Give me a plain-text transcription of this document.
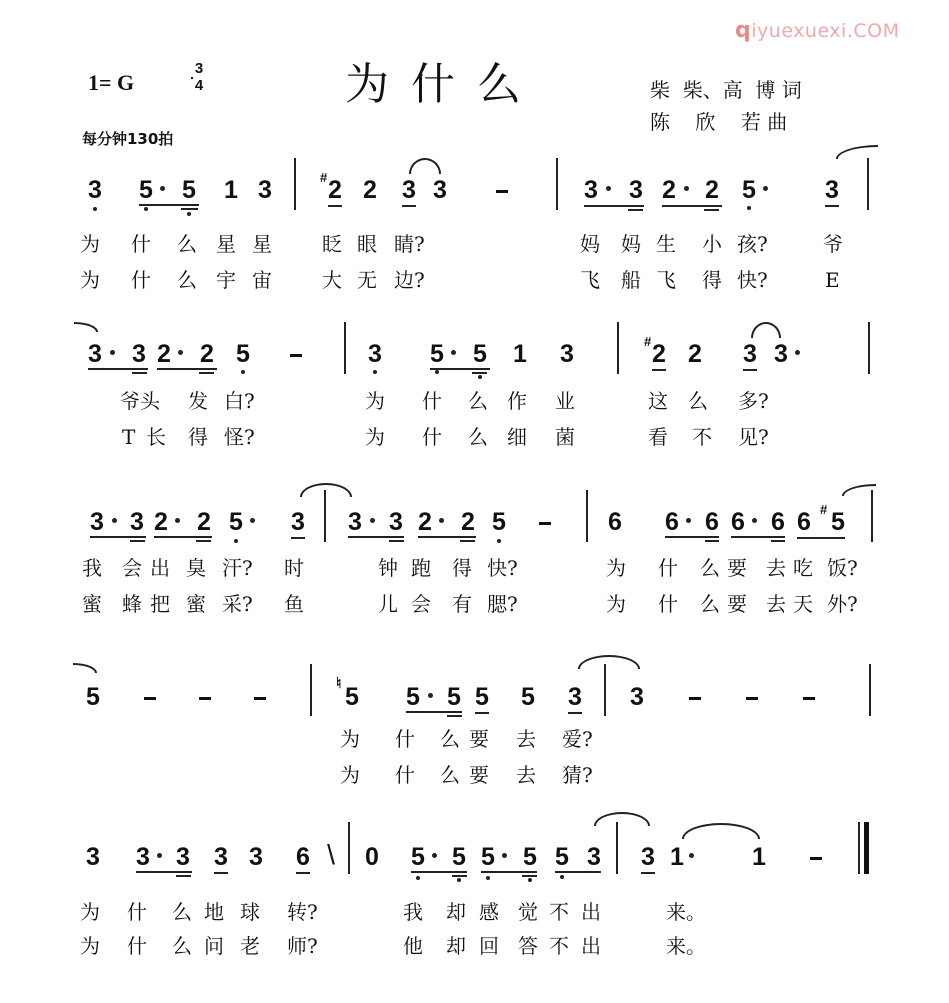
qiyuexuexi.COM
1= G
3
4	为什么
每分钟130拍
柴  柴、高  博 词
陈    欣    若 曲
3 5 5 1 3	# 2 2 3 3	3 3 2 2 5	3
为 什 么 星 星	眨 眼 睛?	妈 妈 生 小 孩?	爷
为 什 么 宇 宙	大 无 边?	飞 船 飞 得 快?	E
3 3 2 2 5	3 5 5 1 3	# 2 2 3 3
爷头 发 白?	为 什 么 作 业	这 么 多?
T 长 得 怪?	为 什 么 细 菌	看 不 见?
3 3 2 2 5 3 3 3 2 2 5	6 6 6 6 6 6 # 5
我 会 出 臭 汗? 时	钟 跑 得 快?	为 什 么 要 去 吃 饭?
蜜 蜂 把 蜜 采? 鱼	儿 会 有 腮?	为 什 么 要 去 天 外?
5	♮ 5 5 5 5 5 3 3
为 什 么 要 去 爱?
为 什 么 要 去 猜?
3 3 3 3 3 6 \ 0 5 5 5 5 5 3 3 1	1
为 什 么 地 球 转?	我 却 感 觉 不 出	来。
为 什 么 问 老 师?	他 却 回 答 不 出	来。
